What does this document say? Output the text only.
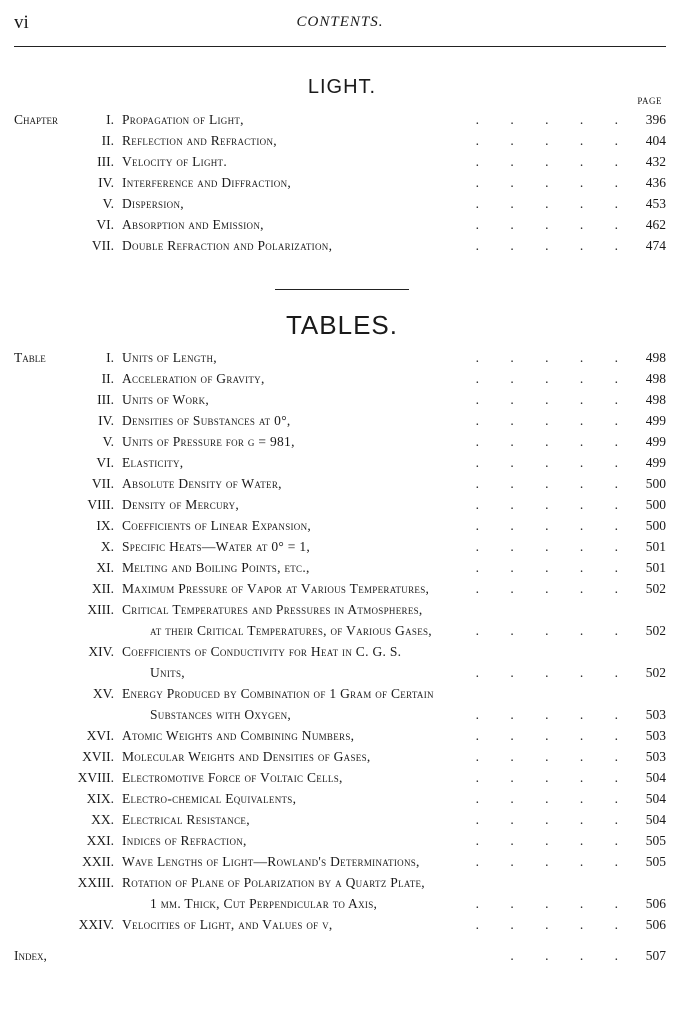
vi	CONTENTS.
LIGHT.
PAGE
TABLES.
Chapter	I. Propagation of Light,	. . . . .	396
II. Reflection and Refraction,	. . . . .	404
III. Velocity of Light.	. . . . .	432
IV. Interference and Diffraction,	. . . . .	436
V. Dispersion,	. . . . .	453
VI. Absorption and Emission,	. . . . .	462
VII. Double Refraction and Polarization,	. . . . .	474
Table	I. Units of Length,	. . . . .	498
II. Acceleration of Gravity,	. . . . .	498
III. Units of Work,	. . . . .	498
IV. Densities of Substances at 0°,	. . . . .	499
V. Units of Pressure for g = 981,	. . . . .	499
VI. Elasticity,	. . . . .	499
VII. Absolute Density of Water,	. . . . .	500
VIII. Density of Mercury,	. . . . .	500
IX. Coefficients of Linear Expansion,	. . . . .	500
X. Specific Heats—Water at 0° = 1,	. . . . .	501
XI. Melting and Boiling Points, etc.,	. . . . .	501
XII. Maximum Pressure of Vapor at Various Temperatures,	. . . . .	502
XIII. Critical Temperatures and Pressures in Atmospheres,
at their Critical Temperatures, of Various Gases,	. . . . .	502
XIV. Coefficients of Conductivity for Heat in C. G. S.
Units,	. . . . .	502
XV. Energy Produced by Combination of 1 Gram of Certain
Substances with Oxygen,	. . . . .	503
XVI. Atomic Weights and Combining Numbers,	. . . . .	503
XVII. Molecular Weights and Densities of Gases,	. . . . .	503
XVIII. Electromotive Force of Voltaic Cells,	. . . . .	504
XIX. Electro-chemical Equivalents,	. . . . .	504
XX. Electrical Resistance,	. . . . .	504
XXI. Indices of Refraction,	. . . . .	505
XXII. Wave Lengths of Light—Rowland's Determinations,	. . . . .	505
XXIII. Rotation of Plane of Polarization by a Quartz Plate,
1 mm. Thick, Cut Perpendicular to Axis,	. . . . .	506
XXIV. Velocities of Light, and Values of v,	. . . . .	506
Index,	. . . .	507
